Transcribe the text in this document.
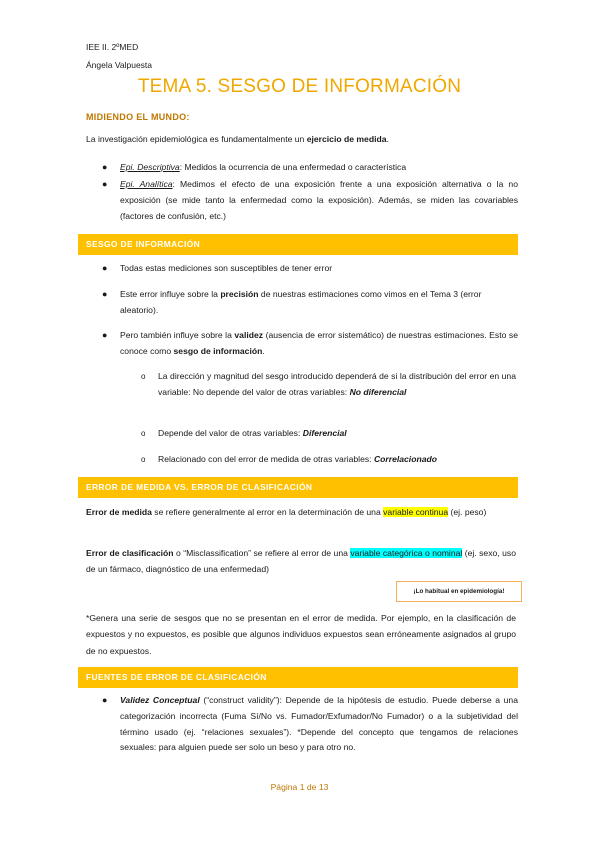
IEE II. 2ºMED
Ángela Valpuesta
TEMA 5. SESGO DE INFORMACIÓN
MIDIENDO EL MUNDO:
La investigación epidemiológica es fundamentalmente un ejercicio de medida.
● Epi. Descriptiva: Medidos la ocurrencia de una enfermedad o característica
● Epi. Analítica: Medimos el efecto de una exposición frente a una exposición alternativa o la no exposición (se mide tanto la enfermedad como la exposición). Además, se miden las covariables (factores de confusión, etc.)
SESGO DE INFORMACIÓN
● Todas estas mediciones son susceptibles de tener error
● Este error influye sobre la precisión de nuestras estimaciones como vimos en el Tema 3 (error aleatorio).
● Pero también influye sobre la validez (ausencia de error sistemático) de nuestras estimaciones. Esto se conoce como sesgo de información.
o La dirección y magnitud del sesgo introducido dependerá de si la distribución del error en una variable: No depende del valor de otras variables: No diferencial
o Depende del valor de otras variables: Diferencial
o Relacionado con del error de medida de otras variables: Correlacionado
ERROR DE MEDIDA VS. ERROR DE CLASIFICACIÓN
Error de medida se refiere generalmente al error en la determinación de una variable continua (ej. peso)
Error de clasificación o “Misclassification” se refiere al error de una variable categórica o nominal (ej. sexo, uso de un fármaco, diagnóstico de una enfermedad)
¡Lo habitual en epidemiología!
*Genera una serie de sesgos que no se presentan en el error de medida. Por ejemplo, en la clasificación de expuestos y no expuestos, es posible que algunos individuos expuestos sean erróneamente asignados al grupo de no expuestos.
FUENTES DE ERROR DE CLASIFICACIÓN
● Validez Conceptual (“construct validity”): Depende de la hipótesis de estudio. Puede deberse a una categorización incorrecta (Fuma Sí/No vs. Fumador/Exfumador/No Fumador) o a la subjetividad del término usado (ej. “relaciones sexuales”). *Depende del concepto que tengamos de relaciones sexuales: para alguien puede ser solo un beso y para otro no.
Página 1 de 13
